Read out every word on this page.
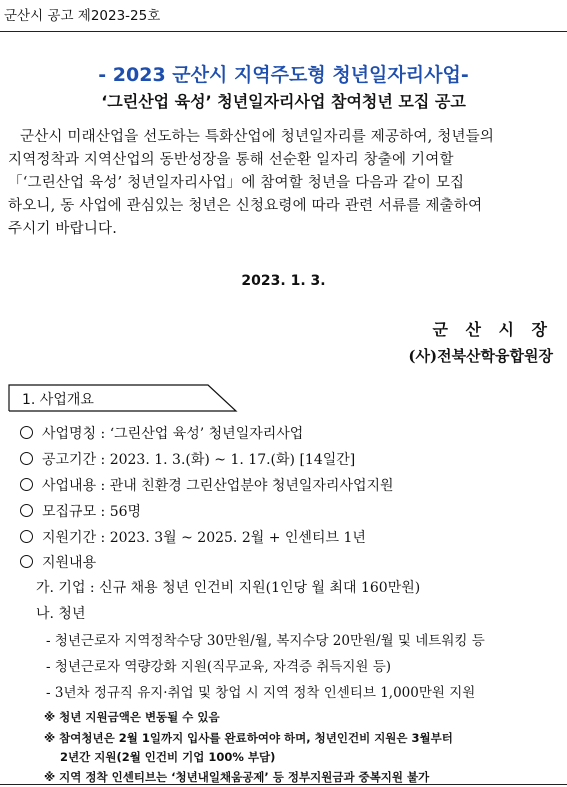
군산시 공고 제2023-25호
- 2023 군산시 지역주도형 청년일자리사업-
‘그린산업 육성’ 청년일자리사업 참여청년 모집 공고

군산시 미래산업을 선도하는 특화산업에 청년일자리를 제공하여, 청년들의

지역정착과 지역산업의 동반성장을 통해 선순환 일자리 창출에 기여할
「‘그린산업 육성’ 청년일자리사업」에 참여할 청년을 다음과 같이 모집
하오니, 동 사업에 관심있는 청년은 신청요령에 따라 관련 서류를 제출하여
주시기 바랍니다.
2023. 1. 3.
군 산 시 장
(사)전북산학융합원장
1. 사업개요
사업명칭 : ‘그린산업 육성’ 청년일자리사업
공고기간 : 2023. 1. 3.(화) ~ 1. 17.(화) [14일간]
사업내용 : 관내 친환경 그린산업분야 청년일자리사업지원
모집규모 : 56명
지원기간 : 2023. 3월 ~ 2025. 2월 + 인센티브 1년
지원내용
가. 기업 : 신규 채용 청년 인건비 지원(1인당 월 최대 160만원)
나. 청년
- 청년근로자 지역정착수당 30만원/월, 복지수당 20만원/월 및 네트워킹 등
- 청년근로자 역량강화 지원(직무교육, 자격증 취득지원 등)
- 3년차 정규직 유지·취업 및 창업 시 지역 정착 인센티브 1,000만원 지원
※ 청년 지원금액은 변동될 수 있음
※ 참여청년은 2월 1일까지 입사를 완료하여야 하며, 청년인건비 지원은 3월부터
2년간 지원(2월 인건비 기업 100% 부담)
※ 지역 정착 인센티브는 ‘청년내일채움공제’ 등 정부지원금과 중복지원 불가
